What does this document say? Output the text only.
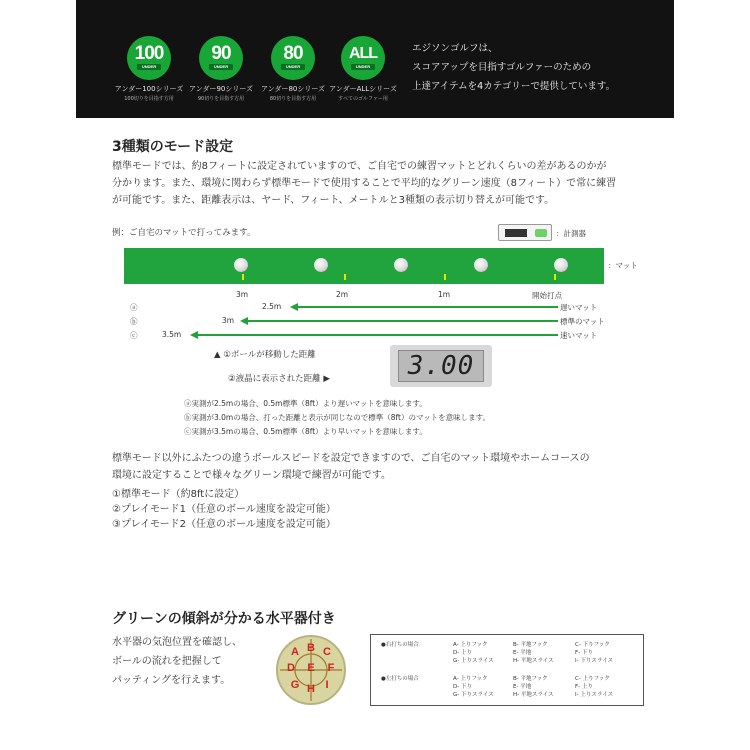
100
UNDER
アンダー100シリーズ
100切りを目指す方用
90
UNDER
アンダー90シリーズ
90切りを目指す方用
80
UNDER
アンダー80シリーズ
80切りを目指す方用
ALL
UNDER
アンダーALLシリーズ
すべてのゴルファー用
エジソンゴルフは、
スコアアップを目指すゴルファーのための
上達アイテムを4カテゴリーで提供しています。
3種類のモード設定
標準モードでは、約8フィートに設定されていますので、ご自宅での練習マットとどれくらいの差があるのかが
分かります。また、環境に関わらず標準モードで使用することで平均的なグリーン速度（8フィート）で常に練習
が可能です。また、距離表示は、ヤード、フィート、メートルと3種類の表示切り替えが可能です。
例：ご自宅のマットで打ってみます。	：計測器
：マット
3m	2m	1m	開始打点
ⓐ
ⓑ
ⓒ
2.5m	遅いマット
3m	標準のマット
3.5m	速いマット
▲ ①ボールが移動した距離
②液晶に表示された距離 ▶	3.00
ⓐ実測が2.5mの場合、0.5m標準（8ft）より遅いマットを意味します。
ⓑ実測が3.0mの場合、打った距離と表示が同じなので標準（8ft）のマットを意味します。
ⓒ実測が3.5mの場合、0.5m標準（8ft）より早いマットを意味します。
標準モード以外にふたつの違うボールスピードを設定できますので、ご自宅のマット環境やホームコースの
環境に設定することで様々なグリーン環境で練習が可能です。
①標準モード（約8ftに設定）
②プレイモード1（任意のボール速度を設定可能）
③プレイモード2（任意のボール速度を設定可能）
グリーンの傾斜が分かる水平器付き
水平器の気泡位置を確認し、
ボールの流れを把握して
パッティングを行えます。
A B C
D E F
G H I
●右打ちの場合	A- 上りフック
D- 上り
G- 上りスライス
B- 平地フック
E- 平地
H- 平地スライス
C- 下りフック
F- 下り
I- 下りスライス
●左打ちの場合	A- 上りフック
D- 下り
G- 下りスライス
B- 平地フック
E- 平地
H- 平地スライス
C- 上りフック
F- 上り
I- 上りスライス
